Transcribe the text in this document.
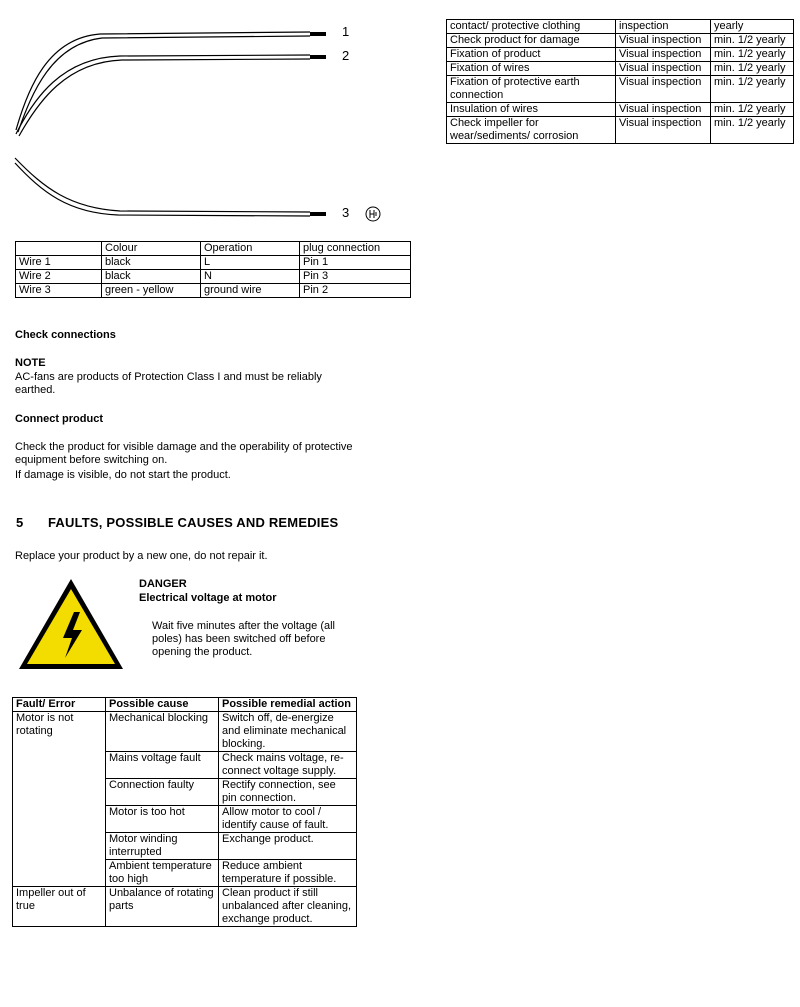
1
2
3
	Colour	Operation	plug connection
Wire 1	black	L	Pin 1
Wire 2	black	N	Pin 3
Wire 3	green - yellow	ground wire	Pin 2
contact/ protective clothing	inspection	yearly
Check product for damage	Visual inspection	min. 1/2 yearly
Fixation of product	Visual inspection	min. 1/2 yearly
Fixation of wires	Visual inspection	min. 1/2 yearly
Fixation of protective earth connection	Visual inspection	min. 1/2 yearly
Insulation of wires	Visual inspection	min. 1/2 yearly
Check impeller for wear/sediments/ corrosion	Visual inspection	min. 1/2 yearly
Check connections
NOTE
AC-fans are products of Protection Class I and must be reliably earthed.
Connect product
Check the product for visible damage and the operability of protective equipment before switching on.
If damage is visible, do not start the product.
5 FAULTS, POSSIBLE CAUSES AND REMEDIES
Replace your product by a new one, do not repair it.
DANGER
Electrical voltage at motor
Wait five minutes after the voltage (all poles) has been switched off before opening the product.
Fault/ Error	Possible cause	Possible remedial action
Motor is not rotating	Mechanical blocking	Switch off, de-energize and eliminate mechanical blocking.
	Mains voltage fault	Check mains voltage, re-connect voltage supply.
	Connection faulty	Rectify connection, see pin connection.
	Motor is too hot	Allow motor to cool / identify cause of fault.
	Motor winding interrupted	Exchange product.
	Ambient temperature too high	Reduce ambient temperature if possible.
Impeller out of true	Unbalance of rotating parts	Clean product if still unbalanced after cleaning, exchange product.
